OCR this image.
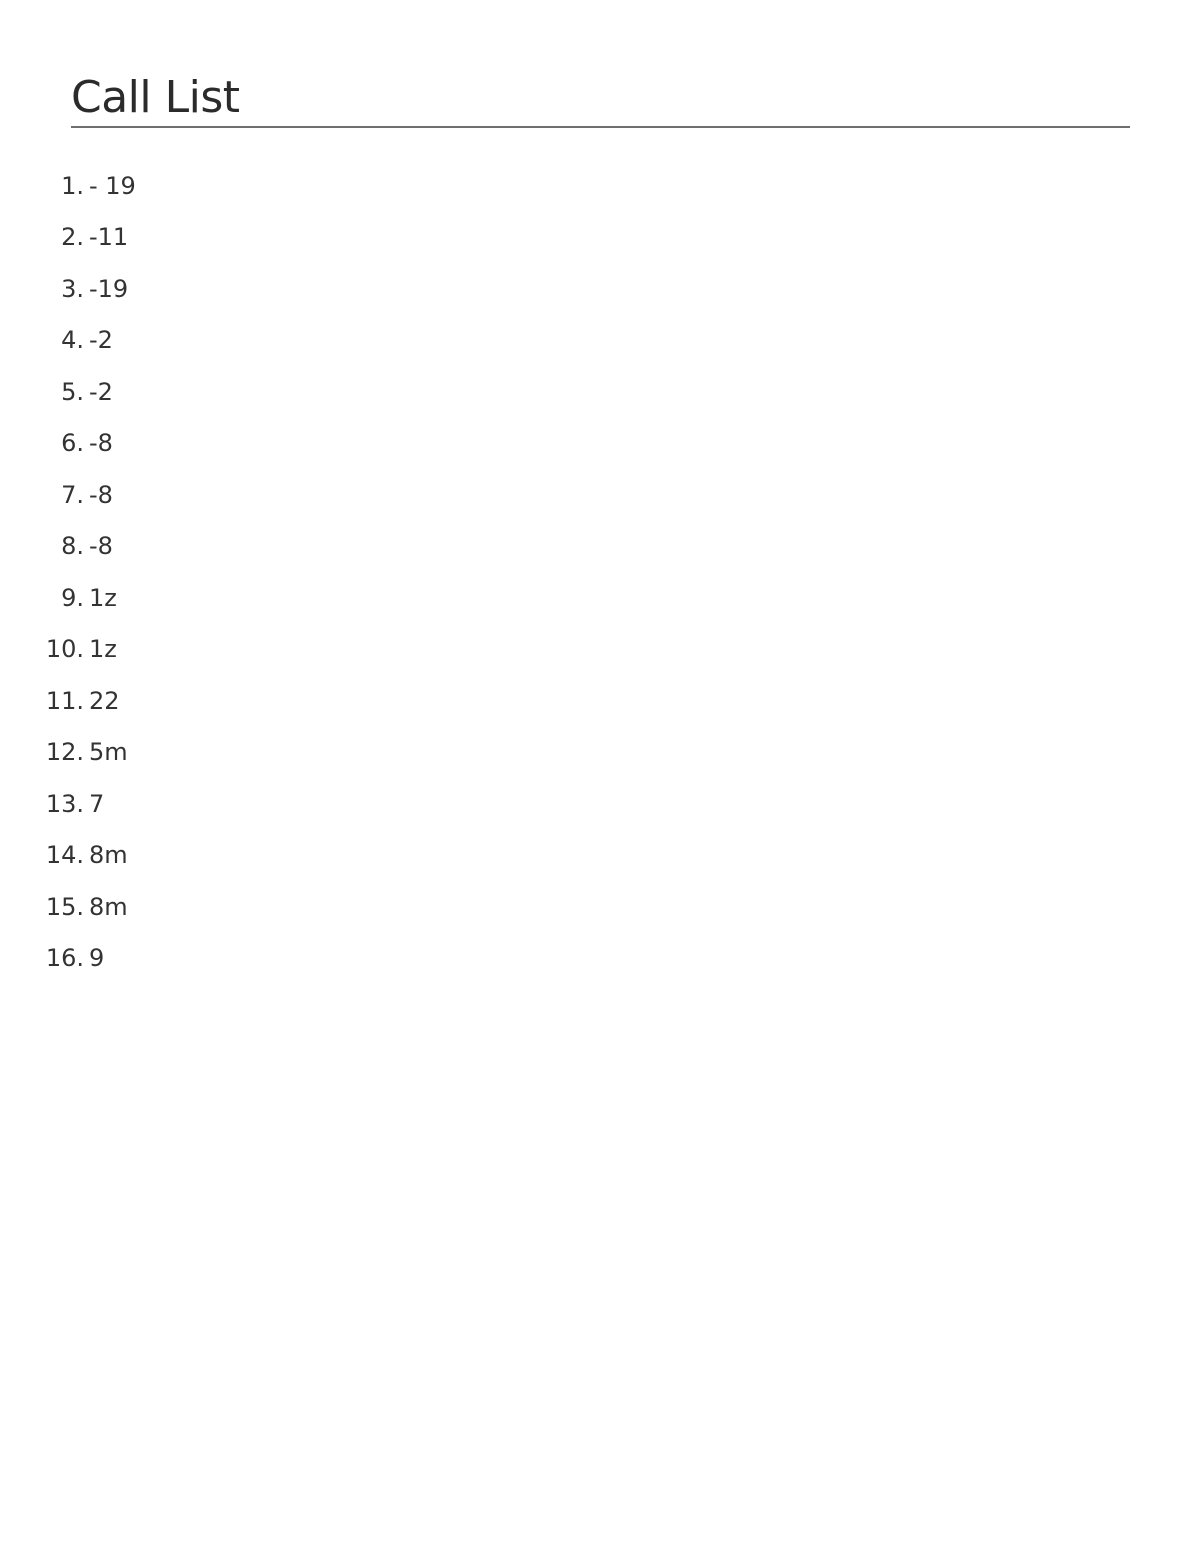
Call List
1. - 19
2. -11
3. -19
4. -2
5. -2
6. -8
7. -8
8. -8
9. 1z
10. 1z
11. 22
12. 5m
13. 7
14. 8m
15. 8m
16. 9
